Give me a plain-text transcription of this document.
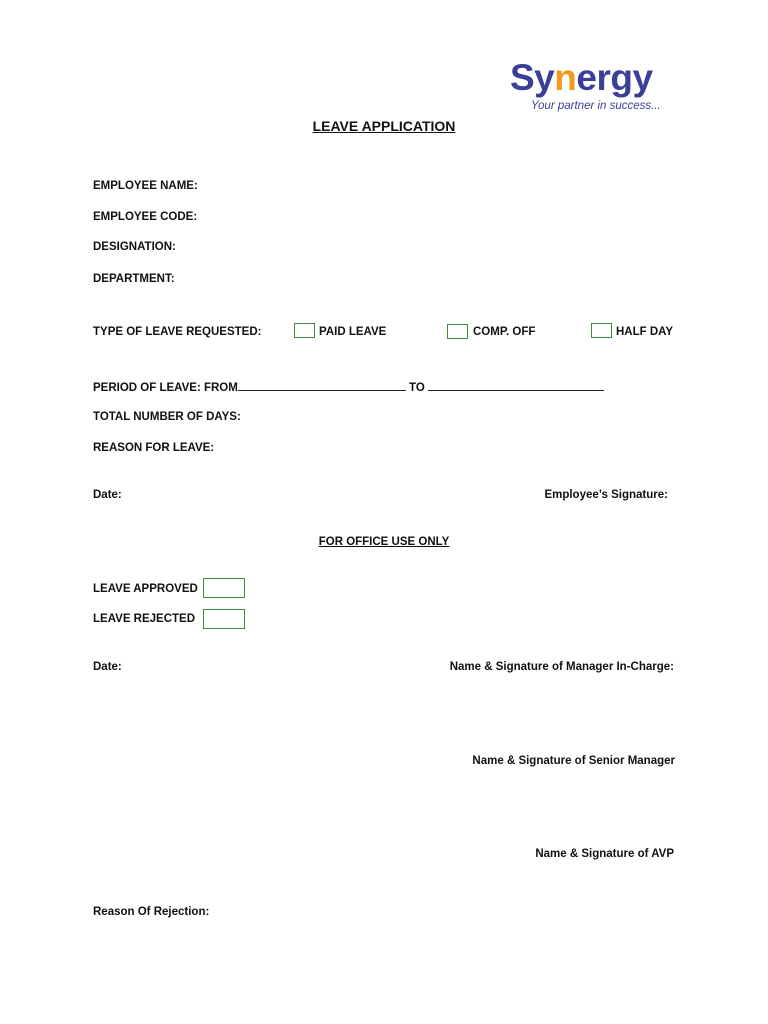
Synergy
Your partner in success...
LEAVE APPLICATION
EMPLOYEE NAME:
EMPLOYEE CODE:
DESIGNATION:
DEPARTMENT:
TYPE OF LEAVE REQUESTED:	PAID LEAVE	COMP. OFF	HALF DAY
PERIOD OF LEAVE: FROM	TO
TOTAL NUMBER OF DAYS:
REASON FOR LEAVE:
Date:	Employee’s Signature:
FOR OFFICE USE ONLY
LEAVE APPROVED
LEAVE REJECTED
Date:	Name & Signature of Manager In-Charge:
Name & Signature of Senior Manager
Name & Signature of AVP
Reason Of Rejection:
